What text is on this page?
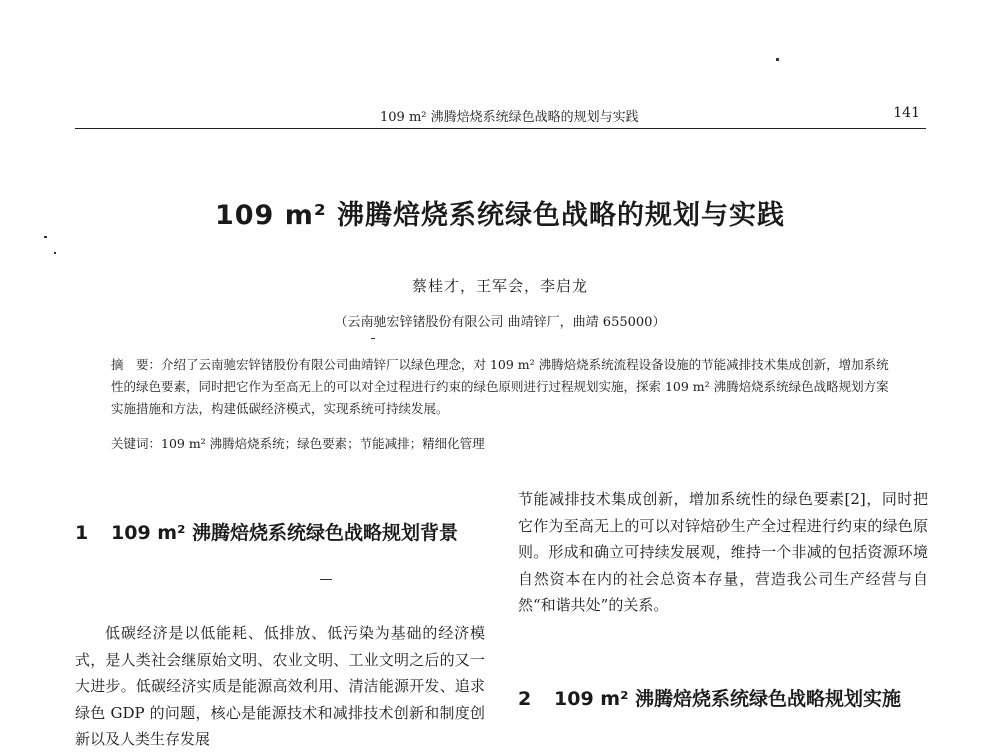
109 m² 沸腾焙烧系统绿色战略的规划与实践	141
109 m² 沸腾焙烧系统绿色战略的规划与实践
蔡桂才，王军会，李启龙
（云南驰宏锌锗股份有限公司 曲靖锌厂，曲靖 655000）

摘　要：介绍了云南驰宏锌锗股份有限公司曲靖锌厂以绿色理念，对 109 m² 沸腾焙烧系统流程设备设施的节能减排技术集成创新，增加系统性的绿色要素，同时把它作为至高无上的可以对全过程进行约束的绿色原则进行过程规划实施，探索 109 m² 沸腾焙烧系统绿色战略规划方案实施措施和方法，构建低碳经济模式，实现系统可持续发展。

关键词：109 m² 沸腾焙烧系统；绿色要素；节能减排；精细化管理
1 109 m² 沸腾焙烧系统绿色战略规划背景

低碳经济是以低能耗、低排放、低污染为基础的经济模式，是人类社会继原始文明、农业文明、工业文明之后的又一大进步。低碳经济实质是能源高效利用、清洁能源开发、追求绿色 GDP 的问题，核心是能源技术和减排技术创新和制度创新以及人类生存发展

节能减排技术集成创新，增加系统性的绿色要素[2]，同时把它作为至高无上的可以对锌焙砂生产全过程进行约束的绿色原则。形成和确立可持续发展观，维持一个非减的包括资源环境自然资本在内的社会总资本存量，营造我公司生产经营与自然“和谐共处”的关系。

2 109 m² 沸腾焙烧系统绿色战略规划实施
